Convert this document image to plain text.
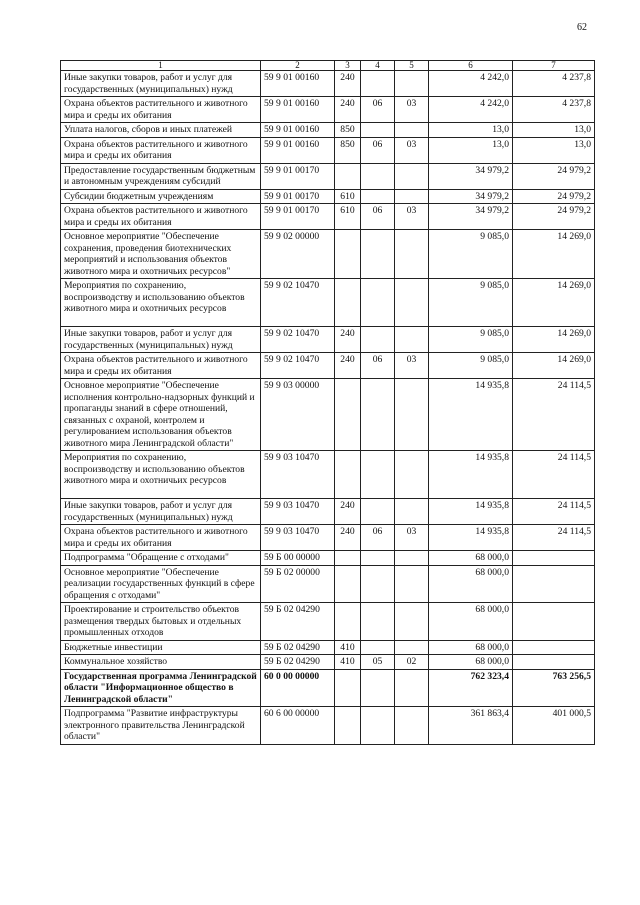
62
1	2	3	4	5	6	7
Иные закупки товаров, работ и услуг для государственных (муниципальных) нужд	59 9 01 00160	240			4 242,0	4 237,8
Охрана объектов растительного и животного мира и среды их обитания	59 9 01 00160	240	06	03	4 242,0	4 237,8
Уплата налогов, сборов и иных платежей	59 9 01 00160	850			13,0	13,0
Охрана объектов растительного и животного мира и среды их обитания	59 9 01 00160	850	06	03	13,0	13,0
Предоставление государственным бюджетным и автономным учреждениям субсидий	59 9 01 00170				34 979,2	24 979,2
Субсидии бюджетным учреждениям	59 9 01 00170	610			34 979,2	24 979,2
Охрана объектов растительного и животного мира и среды их обитания	59 9 01 00170	610	06	03	34 979,2	24 979,2
Основное мероприятие "Обеспечение сохранения, проведения биотехнических мероприятий и использования объектов животного мира и охотничьих ресурсов"	59 9 02 00000				9 085,0	14 269,0
Мероприятия по сохранению, воспроизводству и использованию объектов животного мира и охотничьих ресурсов	59 9 02 10470				9 085,0	14 269,0
Иные закупки товаров, работ и услуг для государственных (муниципальных) нужд	59 9 02 10470	240			9 085,0	14 269,0
Охрана объектов растительного и животного мира и среды их обитания	59 9 02 10470	240	06	03	9 085,0	14 269,0
Основное мероприятие "Обеспечение исполнения контрольно-надзорных функций и пропаганды знаний в сфере отношений, связанных с охраной, контролем и регулированием использования объектов животного мира Ленинградской области"	59 9 03 00000				14 935,8	24 114,5
Мероприятия по сохранению, воспроизводству и использованию объектов животного мира и охотничьих ресурсов	59 9 03 10470				14 935,8	24 114,5
Иные закупки товаров, работ и услуг для государственных (муниципальных) нужд	59 9 03 10470	240			14 935,8	24 114,5
Охрана объектов растительного и животного мира и среды их обитания	59 9 03 10470	240	06	03	14 935,8	24 114,5
Подпрограмма "Обращение с отходами"	59 Б 00 00000				68 000,0	
Основное мероприятие "Обеспечение реализации государственных функций в сфере обращения с отходами"	59 Б 02 00000				68 000,0	
Проектирование и строительство объектов размещения твердых бытовых и отдельных промышленных отходов	59 Б 02 04290				68 000,0	
Бюджетные инвестиции	59 Б 02 04290	410			68 000,0	
Коммунальное хозяйство	59 Б 02 04290	410	05	02	68 000,0	
Государственная программа Ленинградской области "Информационное общество в Ленинградской области"	60 0 00 00000				762 323,4	763 256,5
Подпрограмма "Развитие инфраструктуры электронного правительства Ленинградской области"	60 6 00 00000				361 863,4	401 000,5
